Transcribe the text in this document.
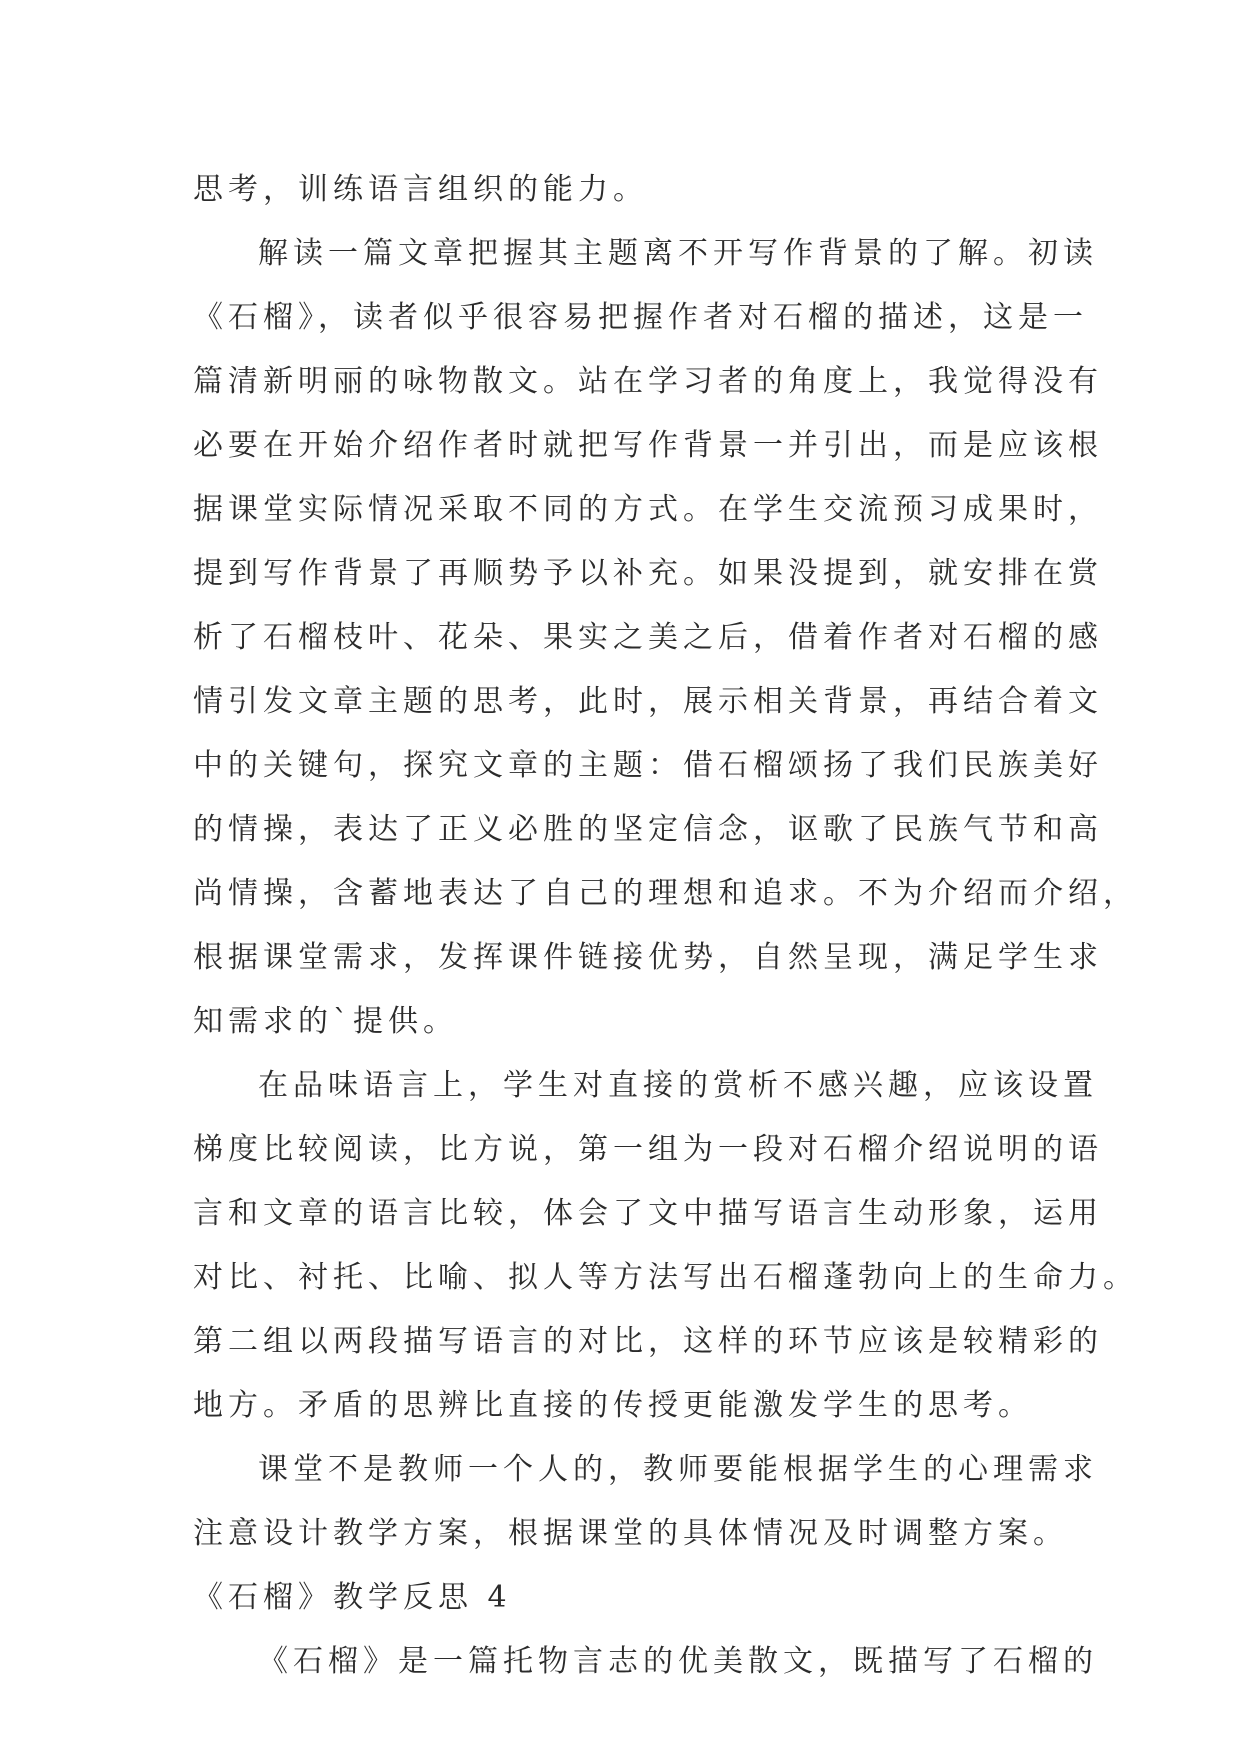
思考，训练语言组织的能力。
解读一篇文章把握其主题离不开写作背景的了解。初读
《石榴》，读者似乎很容易把握作者对石榴的描述，这是一
篇清新明丽的咏物散文。站在学习者的角度上，我觉得没有
必要在开始介绍作者时就把写作背景一并引出，而是应该根
据课堂实际情况采取不同的方式。在学生交流预习成果时，
提到写作背景了再顺势予以补充。如果没提到，就安排在赏
析了石榴枝叶、花朵、果实之美之后，借着作者对石榴的感
情引发文章主题的思考，此时，展示相关背景，再结合着文
中的关键句，探究文章的主题：借石榴颂扬了我们民族美好
的情操，表达了正义必胜的坚定信念，讴歌了民族气节和高
尚情操，含蓄地表达了自己的理想和追求。不为介绍而介绍，
根据课堂需求，发挥课件链接优势，自然呈现，满足学生求
知需求的`提供。
在品味语言上，学生对直接的赏析不感兴趣，应该设置
梯度比较阅读，比方说，第一组为一段对石榴介绍说明的语
言和文章的语言比较，体会了文中描写语言生动形象，运用
对比、衬托、比喻、拟人等方法写出石榴蓬勃向上的生命力。
第二组以两段描写语言的对比，这样的环节应该是较精彩的
地方。矛盾的思辨比直接的传授更能激发学生的思考。
课堂不是教师一个人的，教师要能根据学生的心理需求
注意设计教学方案，根据课堂的具体情况及时调整方案。
《石榴》教学反思 4
《石榴》是一篇托物言志的优美散文，既描写了石榴的
